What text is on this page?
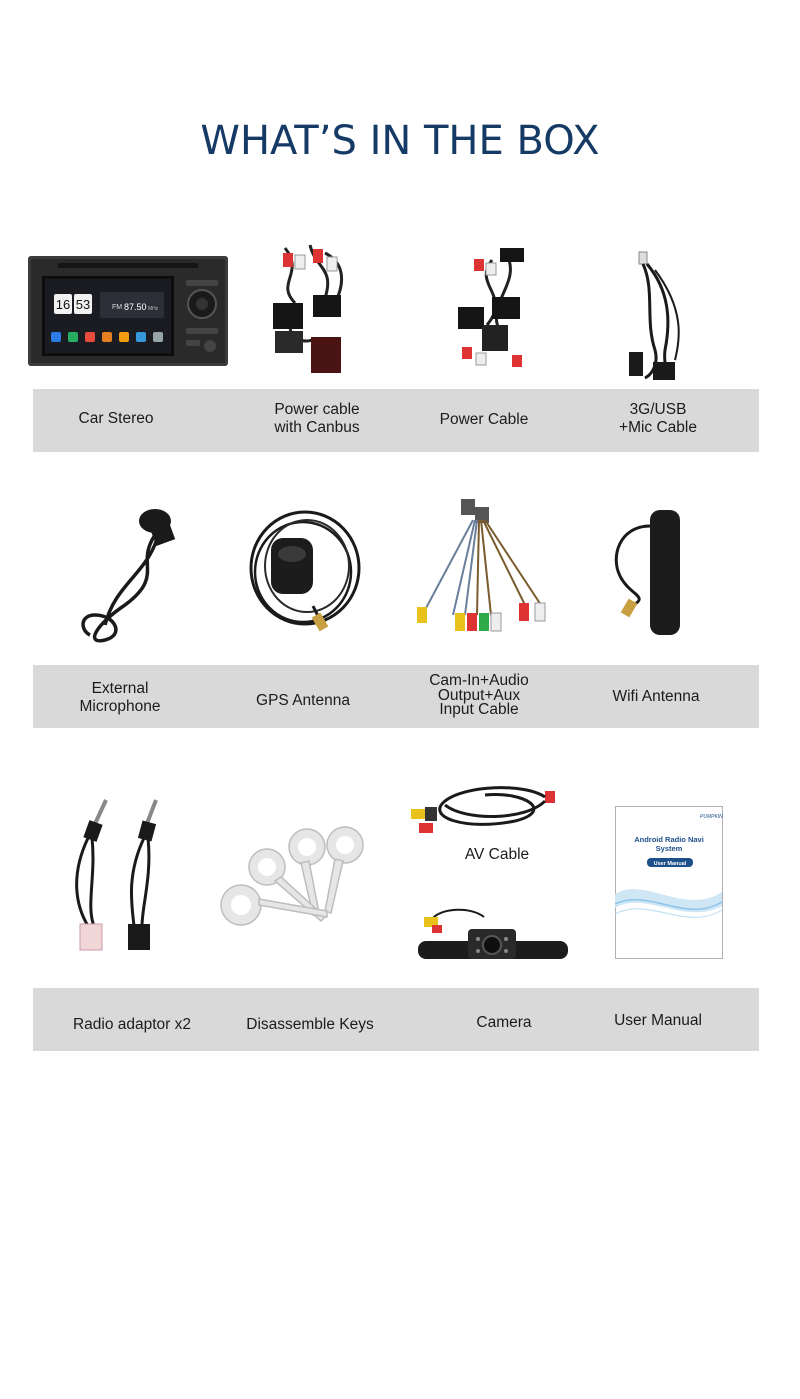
WHAT’S IN THE BOX
16 53	FM 87.50 MHz
Car Stereo
Power cable
with Canbus	Power Cable
3G/USB
+Mic Cable
External
Microphone	GPS Antenna
Cam-In+Audio
Output+Aux
Input Cable
Wifi Antenna
AV Cable
PUMPKIN
Android Radio Navi
System
User Manual
Radio adaptor x2	Disassemble Keys	Camera	User Manual
